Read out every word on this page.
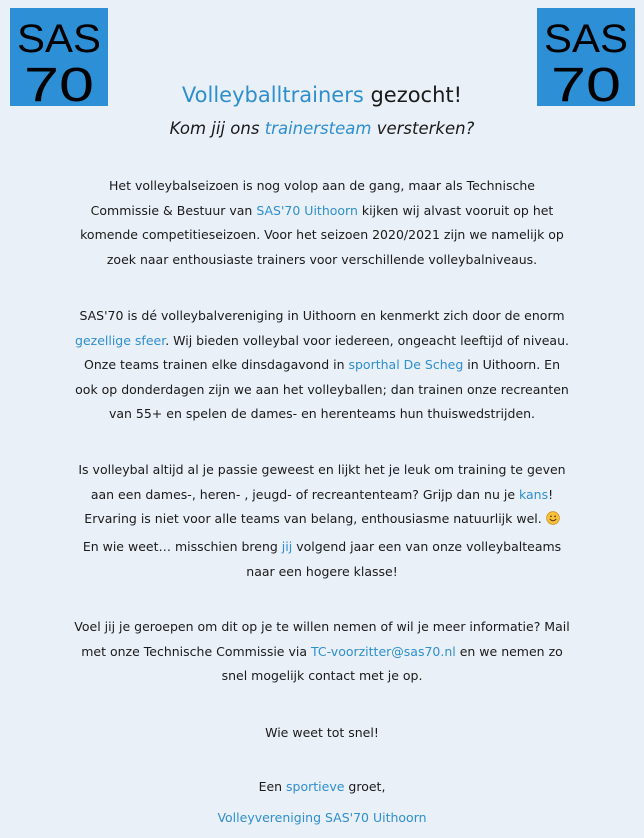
SAS
70
SAS
70
Volleyballtrainers gezocht!

Kom jij ons trainersteam versterken?

Het volleybalseizoen is nog volop aan de gang, maar als Technische Commissie & Bestuur van SAS'70 Uithoorn kijken wij alvast vooruit op het komende competitieseizoen. Voor het seizoen 2020/2021 zijn we namelijk op zoek naar enthousiaste trainers voor verschillende volleybalniveaus.

SAS'70 is dé volleybalvereniging in Uithoorn en kenmerkt zich door de enorm gezellige sfeer. Wij bieden volleybal voor iedereen, ongeacht leeftijd of niveau. Onze teams trainen elke dinsdagavond in sporthal De Scheg in Uithoorn. En ook op donderdagen zijn we aan het volleyballen; dan trainen onze recreanten van 55+ en spelen de dames- en herenteams hun thuiswedstrijden.

Is volleybal altijd al je passie geweest en lijkt het je leuk om training te geven aan een dames-, heren- , jeugd- of recreantenteam? Grijp dan nu je kans! Ervaring is niet voor alle teams van belang, enthousiasme natuurlijk wel.

En wie weet… misschien breng jij volgend jaar een van onze volleybalteams naar een hogere klasse!

Voel jij je geroepen om dit op je te willen nemen of wil je meer informatie? Mail met onze Technische Commissie via TC-voorzitter@sas70.nl en we nemen zo snel mogelijk contact met je op.

Wie weet tot snel!

Een sportieve groet,

Volleyvereniging SAS'70 Uithoorn
